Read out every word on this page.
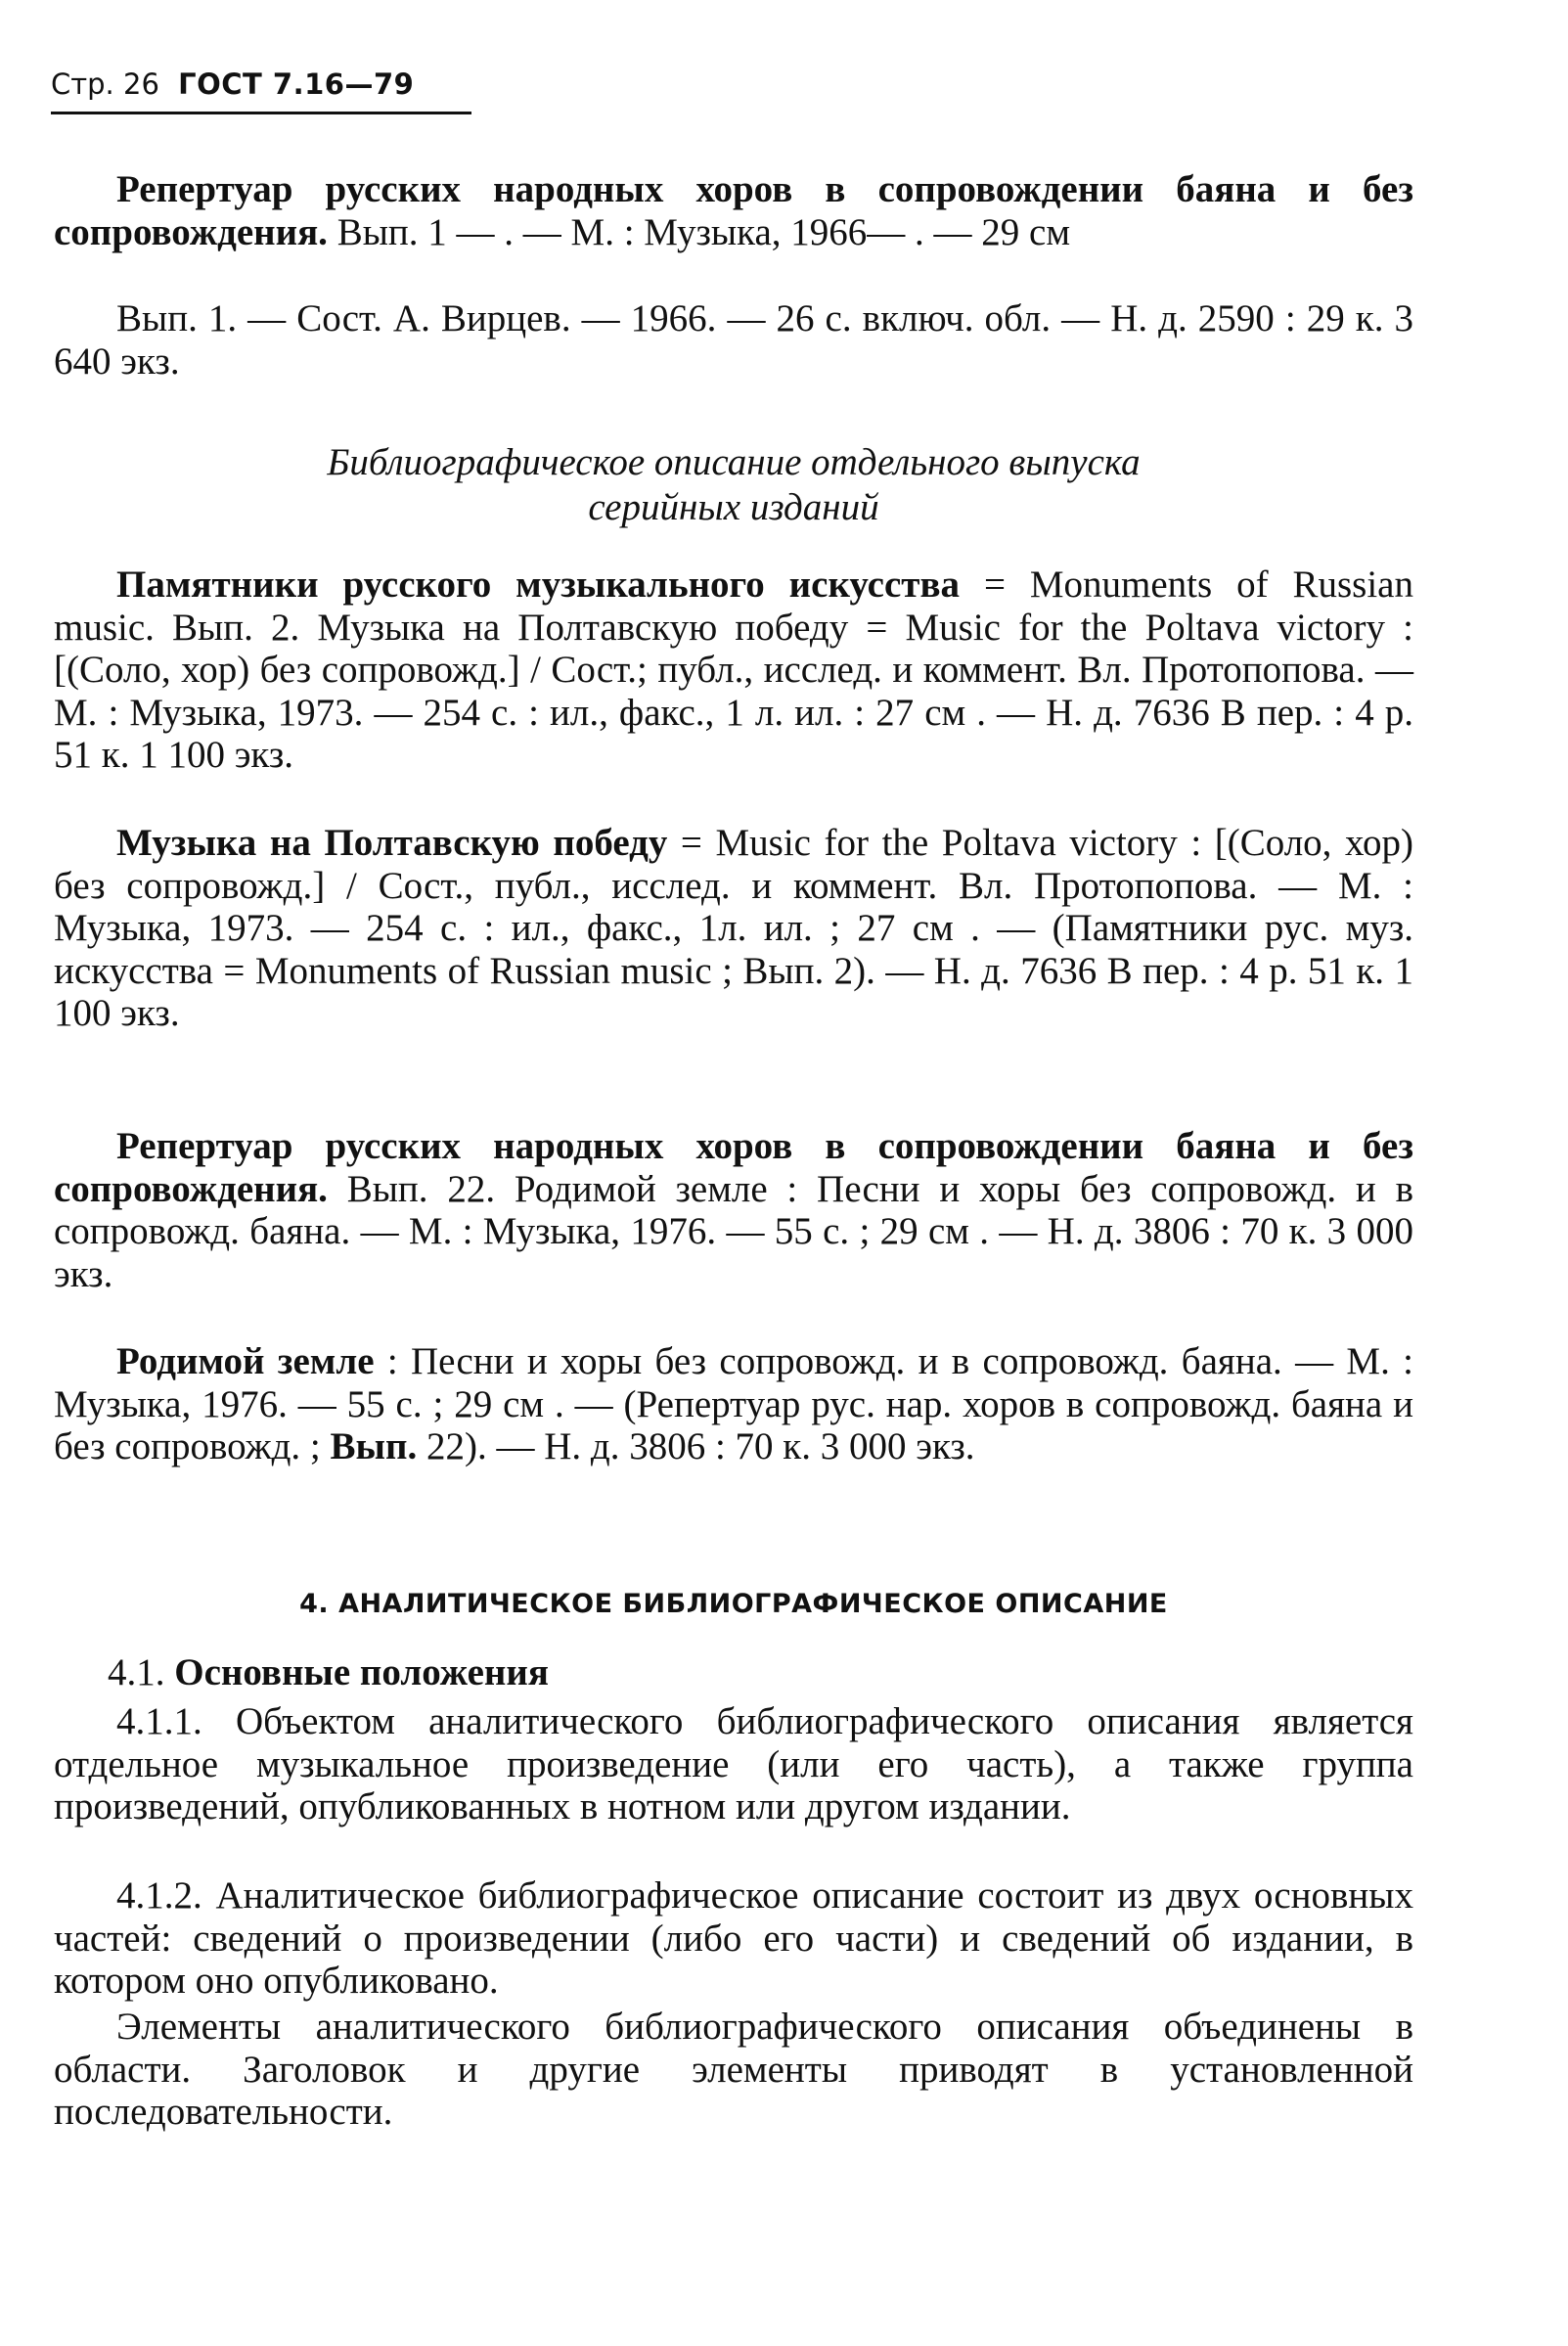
Стр. 26 ГОСТ 7.16—79
Репертуар русских народных хоров в сопровождении баяна и без сопровождения. Вып. 1 — . — М. : Музыка, 1966— . — 29 см
Вып. 1. — Сост. А. Вирцев. — 1966. — 26 с. включ. обл. — Н. д. 2590 : 29 к. 3 640 экз.
Библиографическое описание отдельного выпуска
серийных изданий
Памятники русского музыкального искусства = Monuments of Russian music. Вып. 2. Музыка на Полтавскую победу = Music for the Poltava victory : [(Соло, хор) без сопровожд.] / Сост.; публ., исслед. и коммент. Вл. Протопопова. — М. : Музыка, 1973. — 254 с. : ил., факс., 1 л. ил. : 27 см . — Н. д. 7636 В пер. : 4 р. 51 к. 1 100 экз.
Музыка на Полтавскую победу = Music for the Poltava victory : [(Соло, хор) без сопровожд.] / Сост., публ., исслед. и коммент. Вл. Протопопова. — М. : Музыка, 1973. — 254 с. : ил., факс., 1л. ил. ; 27 см . — (Памятники рус. муз. искусства = Monuments of Russian music ; Вып. 2). — Н. д. 7636 В пер. : 4 р. 51 к. 1 100 экз.
Репертуар русских народных хоров в сопровождении баяна и без сопровождения. Вып. 22. Родимой земле : Песни и хоры без сопровожд. и в сопровожд. баяна. — М. : Музыка, 1976. — 55 с. ; 29 см . — Н. д. 3806 : 70 к. 3 000 экз.
Родимой земле : Песни и хоры без сопровожд. и в сопровожд. баяна. — М. : Музыка, 1976. — 55 с. ; 29 см . — (Репертуар рус. нар. хоров в сопровожд. баяна и без сопровожд. ; Вып. 22). — Н. д. 3806 : 70 к. 3 000 экз.
4. АНАЛИТИЧЕСКОЕ БИБЛИОГРАФИЧЕСКОЕ ОПИСАНИЕ
4.1. Основные положения
4.1.1. Объектом аналитического библиографического описания является отдельное музыкальное произведение (или его часть), а также группа произведений, опубликованных в нотном или другом издании.
4.1.2. Аналитическое библиографическое описание состоит из двух основных частей: сведений о произведении (либо его части) и сведений об издании, в котором оно опубликовано.
Элементы аналитического библиографического описания объединены в области. Заголовок и другие элементы приводят в установленной последовательности.
